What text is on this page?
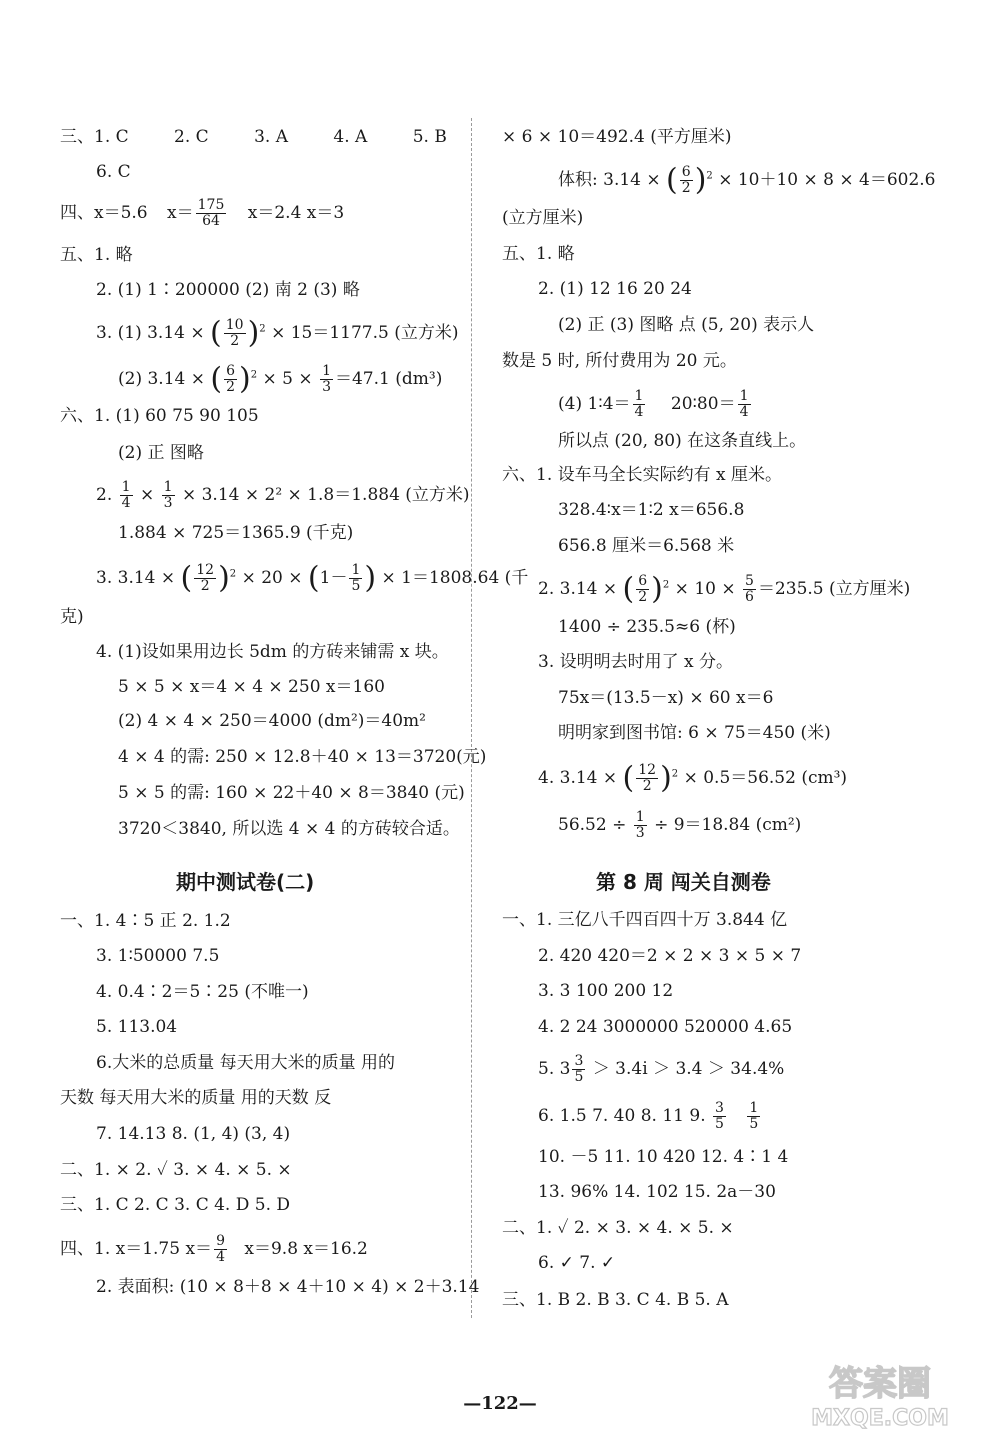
三、1. C	2. C	3. A	4. A	5. B
6. C
四、x＝5.6 $x= \frac{175}{64} x=2.4$ x＝3
五、1. 略
2. (1) 1∶200000 (2) 南 2 (3) 略
3. (1) 3.14 × ( $\frac{10}{2} )^2 \times 15=1177.5$ (立方米)
(2) 3.14 × ( $\frac{6}{2} )^2 \times 5 \times \frac{1}{3} =47.1$ (dm³)
六、1. (1) 60 75 90 105
(2) 正 图略
2. $\frac{1}{4} \times \frac{1}{3} \times 3.14 \times 2^2 \times 1.8=1.884$ (立方米)
1.884 × 725＝1365.9 (千克)
3. 3.14 × ( $\frac{12}{2} )^2 \times 20 \times (1- \frac{1}{5}$ ) × 1＝1808.64 (千
克)
4. (1)设如果用边长 5dm 的方砖来铺需 x 块。
5 × 5 × x＝4 × 4 × 250 x＝160
(2) 4 × 4 × 250＝4000 (dm²)＝40m²
4 × 4 的需: 250 × 12.8＋40 × 13＝3720(元)
5 × 5 的需: 160 × 22＋40 × 8＝3840 (元)
3720＜3840, 所以选 4 × 4 的方砖较合适。
期中测试卷(二)
一、1. 4∶5 正 2. 1.2
3. 1∶50000 7.5
4. 0.4∶2＝5∶25 (不唯一)
5. 113.04
6.大米的总质量 每天用大米的质量 用的
天数 每天用大米的质量 用的天数 反
7. 14.13 8. (1, 4) (3, 4)
二、1. × 2. ✓ 3. × 4. × 5. ×
三、1. C 2. C 3. C 4. D 5. D
四、1. x＝1.75 $x= \frac{9}{4} x=9.8$ x＝16.2
2. 表面积: (10 × 8＋8 × 4＋10 × 4) × 2＋3.14
× 6 × 10＝492.4 (平方厘米)
体积: 3.14 × ( $\frac{6}{2} )^2 \times 10+10 \times 8 \times 4=602.6$
(立方厘米)
五、1. 略
2. (1) 12 16 20 24
(2) 正 (3) 图略 点 (5, 20) 表示人
数是 5 时, 所付费用为 20 元。
(4) 1∶4＝ $\frac{1}{4}$ 20∶80＝ $\frac{1}{4}$
所以点 (20, 80) 在这条直线上。
六、1. 设车马全长实际约有 x 厘米。
328.4∶x＝1∶2 x＝656.8
656.8 厘米＝6.568 米
2. 3.14 × ( $\frac{6}{2} )^2 \times 10 \times \frac{5}{6} =235.5$ (立方厘米)
1400 ÷ 235.5≈6 (杯)
3. 设明明去时用了 x 分。
75x＝(13.5－x) × 60 x＝6
明明家到图书馆: 6 × 75＝450 (米)
4. 3.14 × ( $\frac{12}{2} )^2 \times 0.5=56.52$ (cm³)
$56.52 \div \frac{1}{3} \div 9=18.84$ (cm²)
第 8 周 闯关自测卷
一、1. 三亿八千四百四十万 3.844 亿
2. 420 420＝2 × 2 × 3 × 5 × 7
3. 3 100 200 12
4. 2 24 3000000 520000 4.65
5. $3 \frac{3}{5}$ ＞ 3.4i̇ ＞ 3.4 ＞ 34.4%
6. 1.5 7. 40 8. 11 9. $\frac{3}{5}$
$\frac{1}{5}$
10. －5 11. 10 420 12. 4∶1 4
13. 96% 14. 102 15. 2a－30
二、1. ✓ 2. × 3. × 4. × 5. ×
6. ✓ 7. ✓
三、1. B 2. B 3. C 4. B 5. A
—122—	答案圈
MXQE.COM
